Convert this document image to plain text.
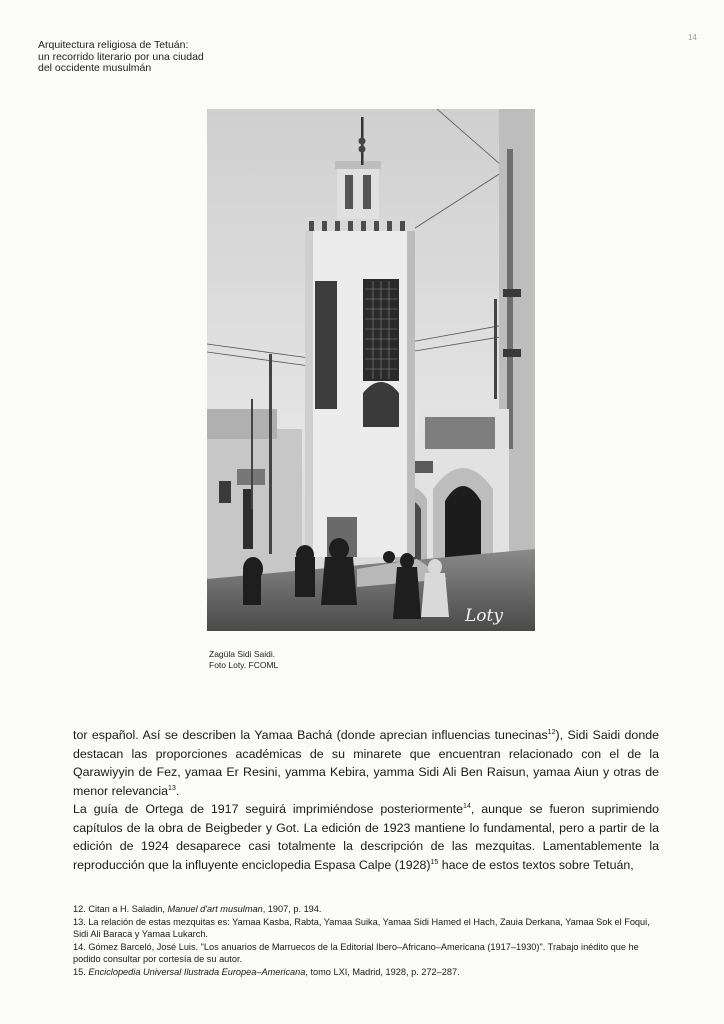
Arquitectura religiosa de Tetuán:
un recorrido literario por una ciudad
del occidente musulmán
14
Loty
Zagüla Sidi Saidi.
Foto Loty. FCOML

tor español. Así se describen la Yamaa Bachá (donde aprecian influencias tunecinas$^{12}$), Sidi Saidi donde destacan las proporciones académicas de su minarete que encuentran relacionado con el de la Qarawiyyin de Fez, yamaa Er Resini, yamma Kebira, yamma Sidi Ali Ben Raisun, yamaa Aiun y otras de menor relevancia$^{13}$.

La guía de Ortega de 1917 seguirá imprimiéndose posteriormente$^{14}$, aunque se fueron suprimiendo capítulos de la obra de Beigbeder y Got. La edición de 1923 mantiene lo fundamental, pero a partir de la edición de 1924 desaparece casi totalmente la descripción de las mezquitas. Lamentablemente la reproducción que la influyente enciclopedia Espasa Calpe $(1928)^{15}$ hace de estos textos sobre Tetuán,

12. Citan a H. Saladin, Manuel d'art musulman, 1907, p. 194.
13. La relación de estas mezquitas es: Yamaa Kasba, Rabta, Yamaa Suika, Yamaa Sidi Hamed el Hach, Zauia Derkana, Yamaa Sok el Foqui, Sidi Ali Baraca y Yamaa Lukarch.
14. Gómez Barceló, José Luis. "Los anuarios de Marruecos de la Editorial Ibero–Africano–Americana (1917–1930)". Trabajo inédito que he podido consultar por cortesía de su autor.
15. Enciclopedia Universal Ilustrada Europea–Americana, tomo LXI, Madrid, 1928, p. 272–287.
